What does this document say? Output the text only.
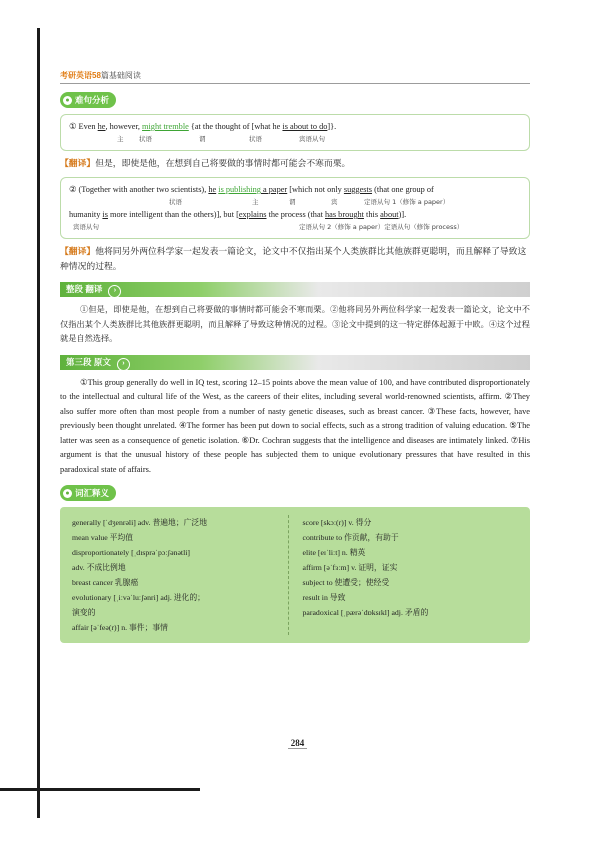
考研英语58篇基础阅读
● 难句分析
① Even he, however, might tremble {at the thought of [what he is about to do]}.
主 状语	谓	状语	宾语从句
【翻译】但是，即使是他，在想到自己将要做的事情时都可能会不寒而栗。
② (Together with another two scientists), he is publishing a paper [which not only suggests (that one group of
状语	主	谓	宾	定语从句 1（修饰 a paper）
humanity is more intelligent than the others)], but [explains the process (that has brought this about)].
宾语从句	定语从句 2（修饰 a paper）定语从句（修饰 process）
【翻译】他将同另外两位科学家一起发表一篇论文，论文中不仅指出某个人类族群比其他族群更聪明，而且解释了导致这种情况的过程。
整段 翻译 ›
①但是，即使是他，在想到自己将要做的事情时都可能会不寒而栗。②他将同另外两位科学家一起发表一篇论文，论文中不仅指出某个人类族群比其他族群更聪明，而且解释了导致这种情况的过程。③论文中提到的这一特定群体起源于中欧。④这个过程就是自然选择。
第三段 原文 ›
①This group generally do well in IQ test, scoring 12–15 points above the mean value of 100, and have contributed disproportionately to the intellectual and cultural life of the West, as the careers of their elites, including several world-renowned scientists, affirm. ②They also suffer more often than most people from a number of nasty genetic diseases, such as breast cancer. ③These facts, however, have previously been thought unrelated. ④The former has been put down to social effects, such as a strong tradition of valuing education. ⑤The latter was seen as a consequence of genetic isolation. ⑥Dr. Cochran suggests that the intelligence and diseases are intimately linked. ⑦His argument is that the unusual history of these people has subjected them to unique evolutionary pressures that have resulted in this paradoxical state of affairs.
● 词汇释义
generally [ˈdʒenrəli] adv. 普遍地；广泛地
mean value 平均值
disproportionately [ˌdɪsprəˈpɔːʃənətli]
adv. 不成比例地
breast cancer 乳腺癌
evolutionary [ˌiːvəˈluːʃənri] adj. 进化的；
演变的
affair [əˈfeə(r)] n. 事件；事情
score [skɔː(r)] v. 得分
contribute to 作贡献，有助于
elite [eɪˈliːt] n. 精英
affirm [əˈfɜːm] v. 证明，证实
subject to 使遭受；使经受
result in 导致
paradoxical [ˌpærəˈdɒksɪkl] adj. 矛盾的
284
